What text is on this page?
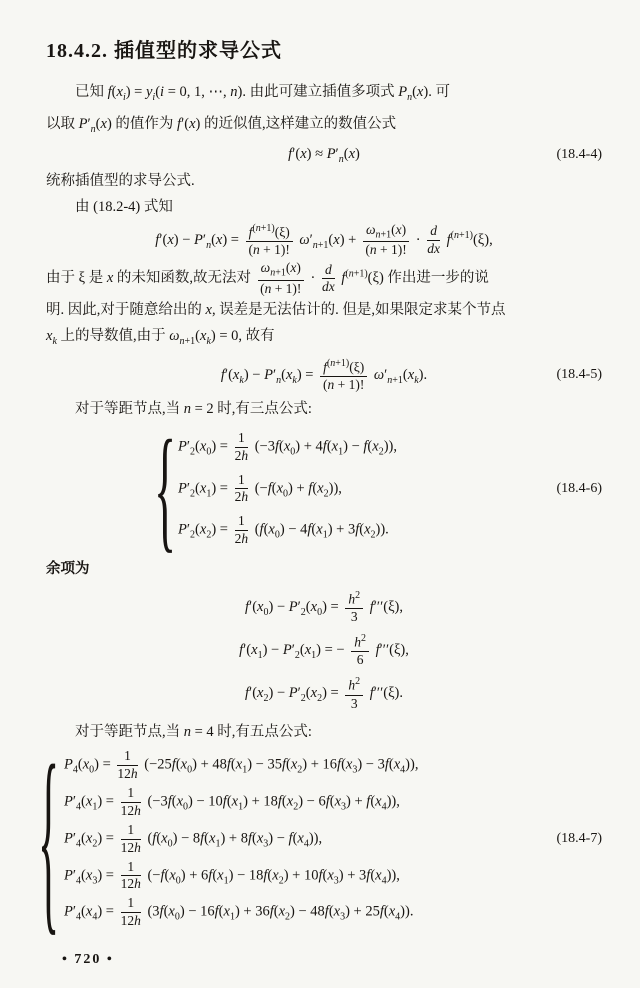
18.4.2. 插值型的求导公式

已知 $f(x_i) = y_i(i = 0$, 1, ⋯, n). 由此可建立插值多项式 $P_n(x)$. 可

以取 $P'_n(x)$ 的值作为 f′(x) 的近似值,这样建立的数值公式

$f'(x) \approx P'_n(x)$	(18.4-4)

统称插值型的求导公式.

由 (18.2-4) 式知

$f'(x) - P'_n(x) = \frac{f^{(n+1)}(\xi)}{(n + 1)!} \omega'_{n+1}(x) + \frac{\omega_{n+1}(x)}{(n + 1)!} \cdot \frac{d}{dx} f^{(n+1)}(\xi)$,

由于 ξ 是 x 的未知函数,故无法对 $\frac{\omega_{n+1}(x)}{(n + 1)!} \cdot \frac{d}{dx} f^{(n+1)}(\xi)$ 作出进一步的说

明. 因此,对于随意给出的 x, 误差是无法估计的. 但是,如果限定求某个节点

$x_k$ 上的导数值,由于 $\omega_{n+1}(x_k) = 0$, 故有

$f'(x_k) - P'_n(x_k) = \frac{f^{(n+1)}(\xi)}{(n + 1)!} \omega'_{n+1}(x_k)$.	(18.4-5)

对于等距节点,当 n = 2 时,有三点公式:

{
$P'_2(x_0) = \frac{1}{2h} (-3f(x_0) + 4f(x_1) - f(x_2))$,
$P'_2(x_1) = \frac{1}{2h} (-f(x_0) + f(x_2))$,
$P'_2(x_2) = \frac{1}{2h} (f(x_0) - 4f(x_1) + 3f(x_2))$.
(18.4-6)

余项为

$f'(x_0) - P'_2(x_0) = \frac{h^2}{3} f'''(\xi)$,
$f'(x_1) - P'_2(x_1)$ = − $\frac{h^2}{6} f'''(\xi)$,
$f'(x_2) - P'_2(x_2) = \frac{h^2}{3} f'''(\xi)$.

对于等距节点,当 n = 4 时,有五点公式:

{
$P_4(x_0) = \frac{1}{12h} (-25f(x_0) + 48f(x_1) - 35f(x_2) + 16f(x_3) - 3f(x_4))$,
$P'_4(x_1) = \frac{1}{12h} (-3f(x_0) - 10f(x_1) + 18f(x_2) - 6f(x_3) + f(x_4))$,
$P'_4(x_2) = \frac{1}{12h} (f(x_0) - 8f(x_1) + 8f(x_3) - f(x_4))$,
$P'_4(x_3) = \frac{1}{12h} (-f(x_0) + 6f(x_1) - 18f(x_2) + 10f(x_3) + 3f(x_4))$,
$P'_4(x_4) = \frac{1}{12h} (3f(x_0) - 16f(x_1) + 36f(x_2) - 48f(x_3) + 25f(x_4))$.
(18.4-7)
• 720 •
